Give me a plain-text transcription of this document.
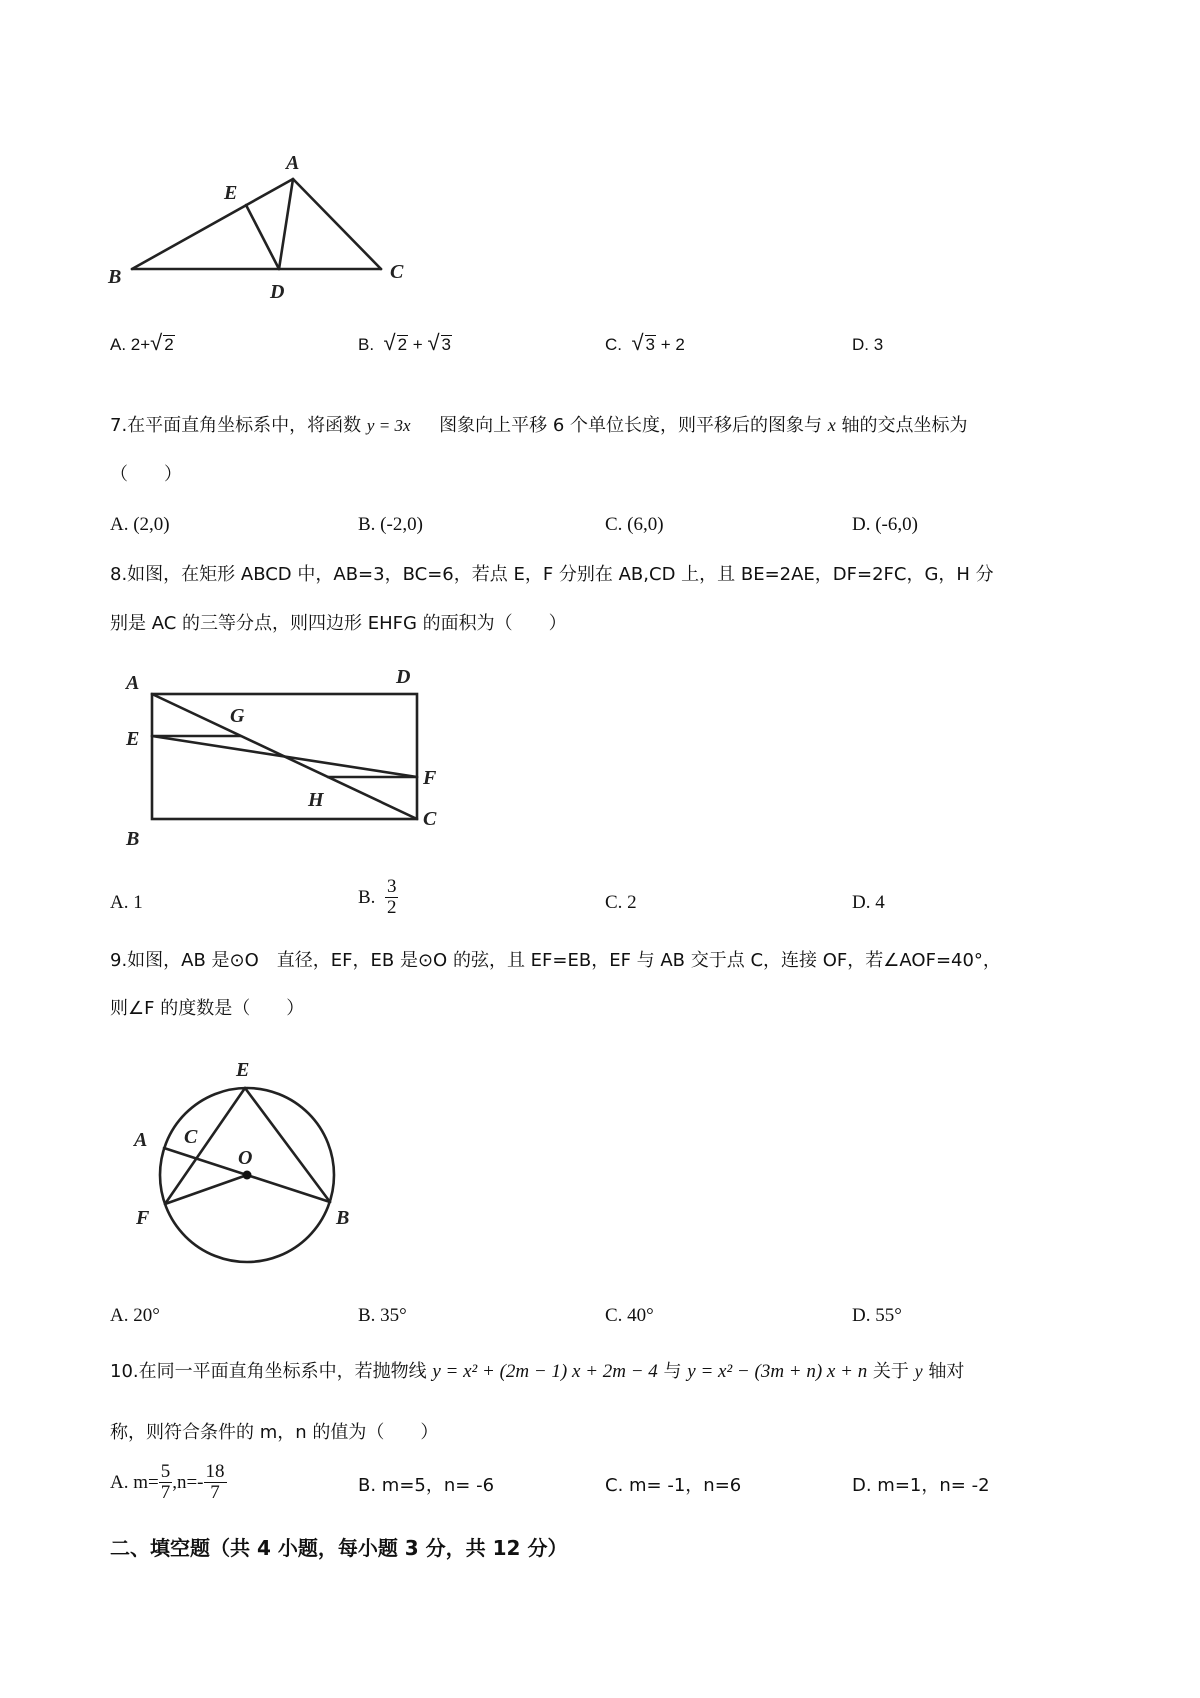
A
B	C
D
E
A. 2+√ 2	B. √ 2 + √ 3	C. √ 3 + 2	D. 3
7.在平面直角坐标系中，将函数 y = 3x 图象向上平移 6 个单位长度，则平移后的图象与 x 轴的交点坐标为
（　　）
A. (2,0)	B. (-2,0)	C. (6,0)	D. (-6,0)
8.如图，在矩形 ABCD 中，AB=3，BC=6，若点 E，F 分别在 AB,CD 上，且 BE=2AE，DF=2FC，G，H 分
别是 AC 的三等分点，则四边形 EHFG 的面积为（　　）
A	D
E
G
F
H
C
B
A. 1	B. $\frac{3}{2}$	C. 2	D. 4
9.如图，AB 是⊙O　直径，EF，EB 是⊙O 的弦，且 EF=EB，EF 与 AB 交于点 C，连接 OF，若∠AOF=40°，
则∠F 的度数是（　　）
E
A C
O
F	B
A. 20°	B. 35°	C. 40°	D. 55°
10.在同一平面直角坐标系中，若抛物线 y = x² + (2m − 1) x + 2m − 4 与 y = x² − (3m + n) x + n 关于 y 轴对
称，则符合条件的 m，n 的值为（　　）
A. $m= \frac{5}{7} ,n=- \frac{18}{7}$	B. m=5，n= -6	C. m= -1，n=6	D. m=1，n= -2
二、填空题（共 4 小题，每小题 3 分，共 12 分）
